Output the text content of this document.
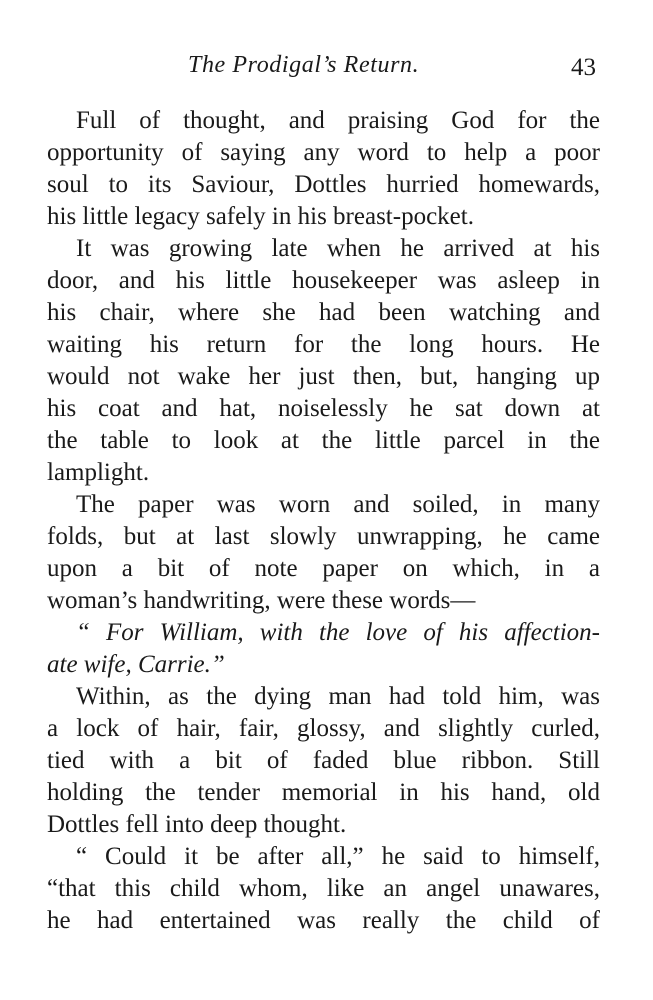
The Prodigal’s Return.	43
Full of thought, and praising God for the
opportunity of saying any word to help a poor
soul to its Saviour, Dottles hurried homewards,
his little legacy safely in his breast-pocket.
It was growing late when he arrived at his
door, and his little housekeeper was asleep in
his chair, where she had been watching and
waiting his return for the long hours. He
would not wake her just then, but, hanging up
his coat and hat, noiselessly he sat down at
the table to look at the little parcel in the
lamplight.
The paper was worn and soiled, in many
folds, but at last slowly unwrapping, he came
upon a bit of note paper on which, in a
woman’s handwriting, were these words—
“ For William, with the love of his affection-
ate wife, Carrie.”
Within, as the dying man had told him, was
a lock of hair, fair, glossy, and slightly curled,
tied with a bit of faded blue ribbon. Still
holding the tender memorial in his hand, old
Dottles fell into deep thought.
“ Could it be after all,” he said to himself,
“that this child whom, like an angel unawares,
he had entertained was really the child of
